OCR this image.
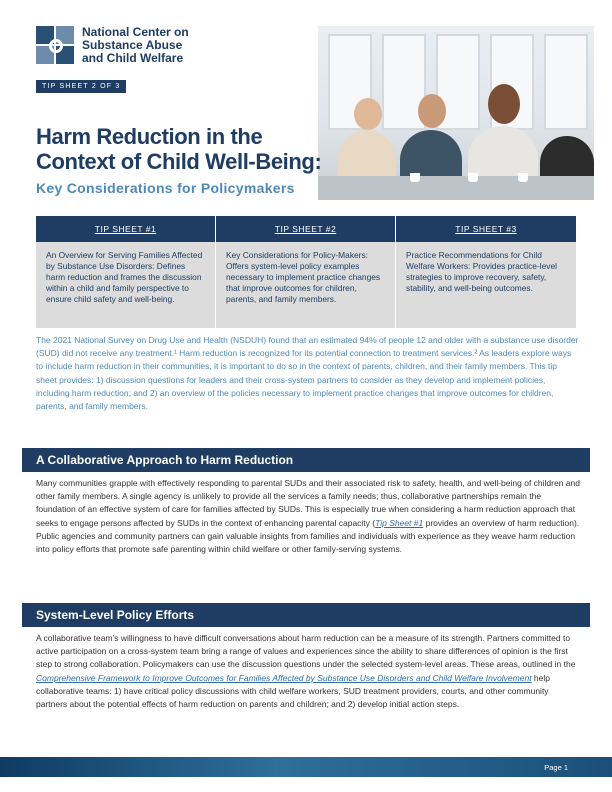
National Center on
Substance Abuse
and Child Welfare
TIP SHEET 2 OF 3
Harm Reduction in the
Context of Child Well-Being:
Key Considerations for Policymakers
TIP SHEET #1	TIP SHEET #2	TIP SHEET #3
An Overview for Serving Families Affected by Substance Use Disorders: Defines harm reduction and frames the discussion within a child and family perspective to ensure child safety and well-being.
Key Considerations for Policy-Makers: Offers system-level policy examples necessary to implement practice changes that improve outcomes for children, parents, and family members.
Practice Recommendations for Child Welfare Workers: Provides practice-level strategies to improve recovery, safety, stability, and well-being outcomes.

The 2021 National Survey on Drug Use and Health (NSDUH) found that an estimated 94% of people 12 and older with a substance use disorder (SUD) did not receive any treatment.¹ Harm reduction is recognized for its potential connection to treatment services.² As leaders explore ways to include harm reduction in their communities, it is important to do so in the context of parents, children, and their family members. This tip sheet provides: 1) discussion questions for leaders and their cross-system partners to consider as they develop and implement policies, including harm reduction; and 2) an overview of the policies necessary to implement practice changes that improve outcomes for children, parents, and family members.

A Collaborative Approach to Harm Reduction

Many communities grapple with effectively responding to parental SUDs and their associated risk to safety, health, and well-being of children and other family members. A single agency is unlikely to provide all the services a family needs; thus, collaborative partnerships remain the foundation of an effective system of care for families affected by SUDs. This is especially true when considering a harm reduction approach that seeks to engage persons affected by SUDs in the context of enhancing parental capacity (Tip Sheet #1 provides an overview of harm reduction). Public agencies and community partners can gain valuable insights from families and individuals with experience as they weave harm reduction into policy efforts that promote safe parenting within child welfare or other family-serving systems.

System-Level Policy Efforts

A collaborative team’s willingness to have difficult conversations about harm reduction can be a measure of its strength. Partners committed to active participation on a cross-system team bring a range of values and experiences since the ability to share differences of opinion is the first step to strong collaboration. Policymakers can use the discussion questions under the selected system-level areas. These areas, outlined in the Comprehensive Framework to Improve Outcomes for Families Affected by Substance Use Disorders and Child Welfare Involvement help collaborative teams: 1) have critical policy discussions with child welfare workers, SUD treatment providers, courts, and other community partners about the potential effects of harm reduction on parents and children; and 2) develop initial action steps.

Page 1
